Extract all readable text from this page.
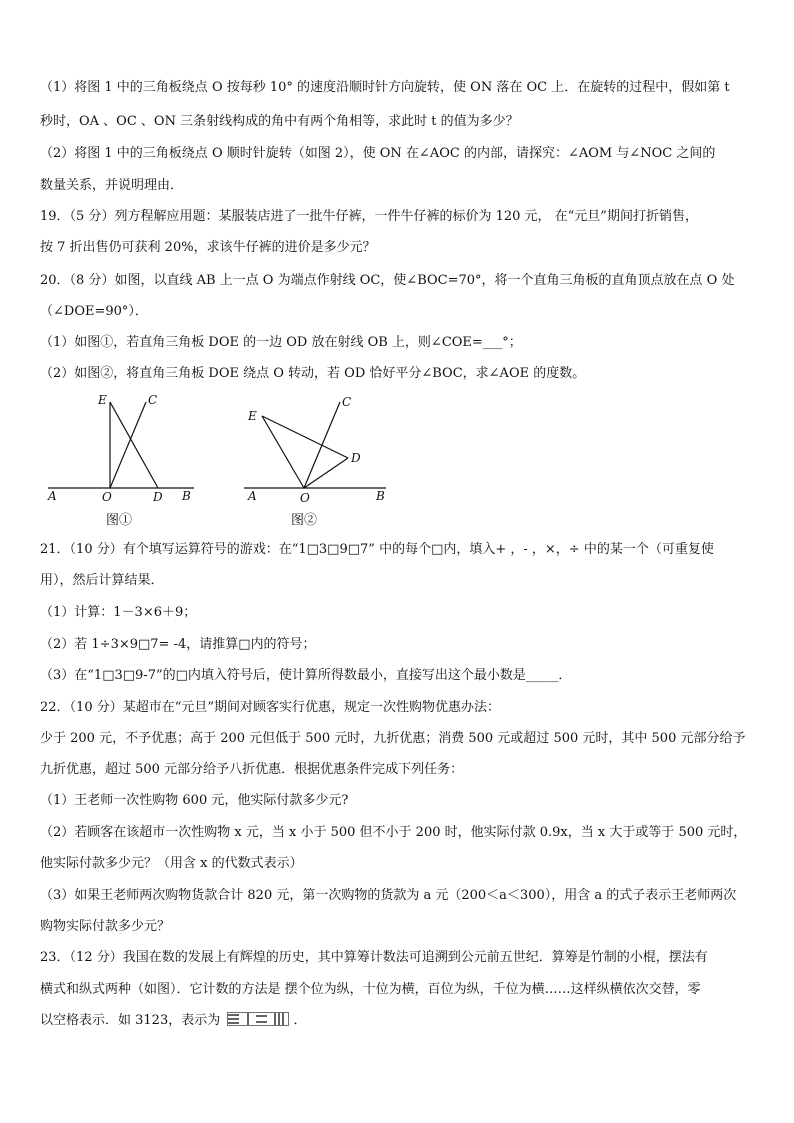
（1）将图 1 中的三角板绕点 O 按每秒 10° 的速度沿顺时针方向旋转，使 ON 落在 OC 上．在旋转的过程中，假如第 t
秒时，OA 、OC 、ON 三条射线构成的角中有两个角相等，求此时 t 的值为多少？
（2）将图 1 中的三角板绕点 O 顺时针旋转（如图 2），使 ON 在∠AOC 的内部，请探究：∠AOM 与∠NOC 之间的
数量关系，并说明理由．
19．（5 分）列方程解应用题：某服装店进了一批牛仔裤，一件牛仔裤的标价为 120 元， 在“元旦”期间打折销售，
按 7 折出售仍可获利 20%，求该牛仔裤的进价是多少元？
20．（8 分）如图，以直线 AB 上一点 O 为端点作射线 OC，使∠BOC=70°，将一个直角三角板的直角顶点放在点 O 处
（∠DOE=90°）．
（1）如图①，若直角三角板 DOE 的一边 OD 放在射线 OB 上，则∠COE=___°；
（2）如图②，将直角三角板 DOE 绕点 O 转动，若 OD 恰好平分∠BOC，求∠AOE 的度数。
E	C
A	O	D B
图①
E
C
D
A	O	B
图②
21．（10 分）有个填写运算符号的游戏：在“1□3□9□7” 中的每个□内，填入+ ，- ，×，÷ 中的某一个（可重复使
用），然后计算结果．
（1）计算：1－3×6＋9；
（2）若 1÷3×9□7= -4，请推算□内的符号；
（3）在“1□3□9-7”的□内填入符号后，使计算所得数最小，直接写出这个最小数是_____．
22．（10 分）某超市在“元旦”期间对顾客实行优惠，规定一次性购物优惠办法：
少于 200 元，不予优惠；高于 200 元但低于 500 元时，九折优惠；消费 500 元或超过 500 元时，其中 500 元部分给予
九折优惠，超过 500 元部分给予八折优惠．根据优惠条件完成下列任务：
（1）王老师一次性购物 600 元，他实际付款多少元?
（2）若顾客在该超市一次性购物 x 元，当 x 小于 500 但不小于 200 时，他实际付款 0.9x，当 x 大于或等于 500 元时，
他实际付款多少元？（用含 x 的代数式表示）
（3）如果王老师两次购物货款合计 820 元，第一次购物的货款为 a 元（200＜a＜300），用含 a 的式子表示王老师两次
购物实际付款多少元？
23．（12 分）我国在数的发展上有辉煌的历史，其中算筹计数法可追溯到公元前五世纪．算筹是竹制的小棍，摆法有
横式和纵式两种（如图）．它计数的方法是 摆个位为纵，十位为横，百位为纵，千位为横……这样纵横依次交替，零
以空格表示．如 3123，表示为	．
